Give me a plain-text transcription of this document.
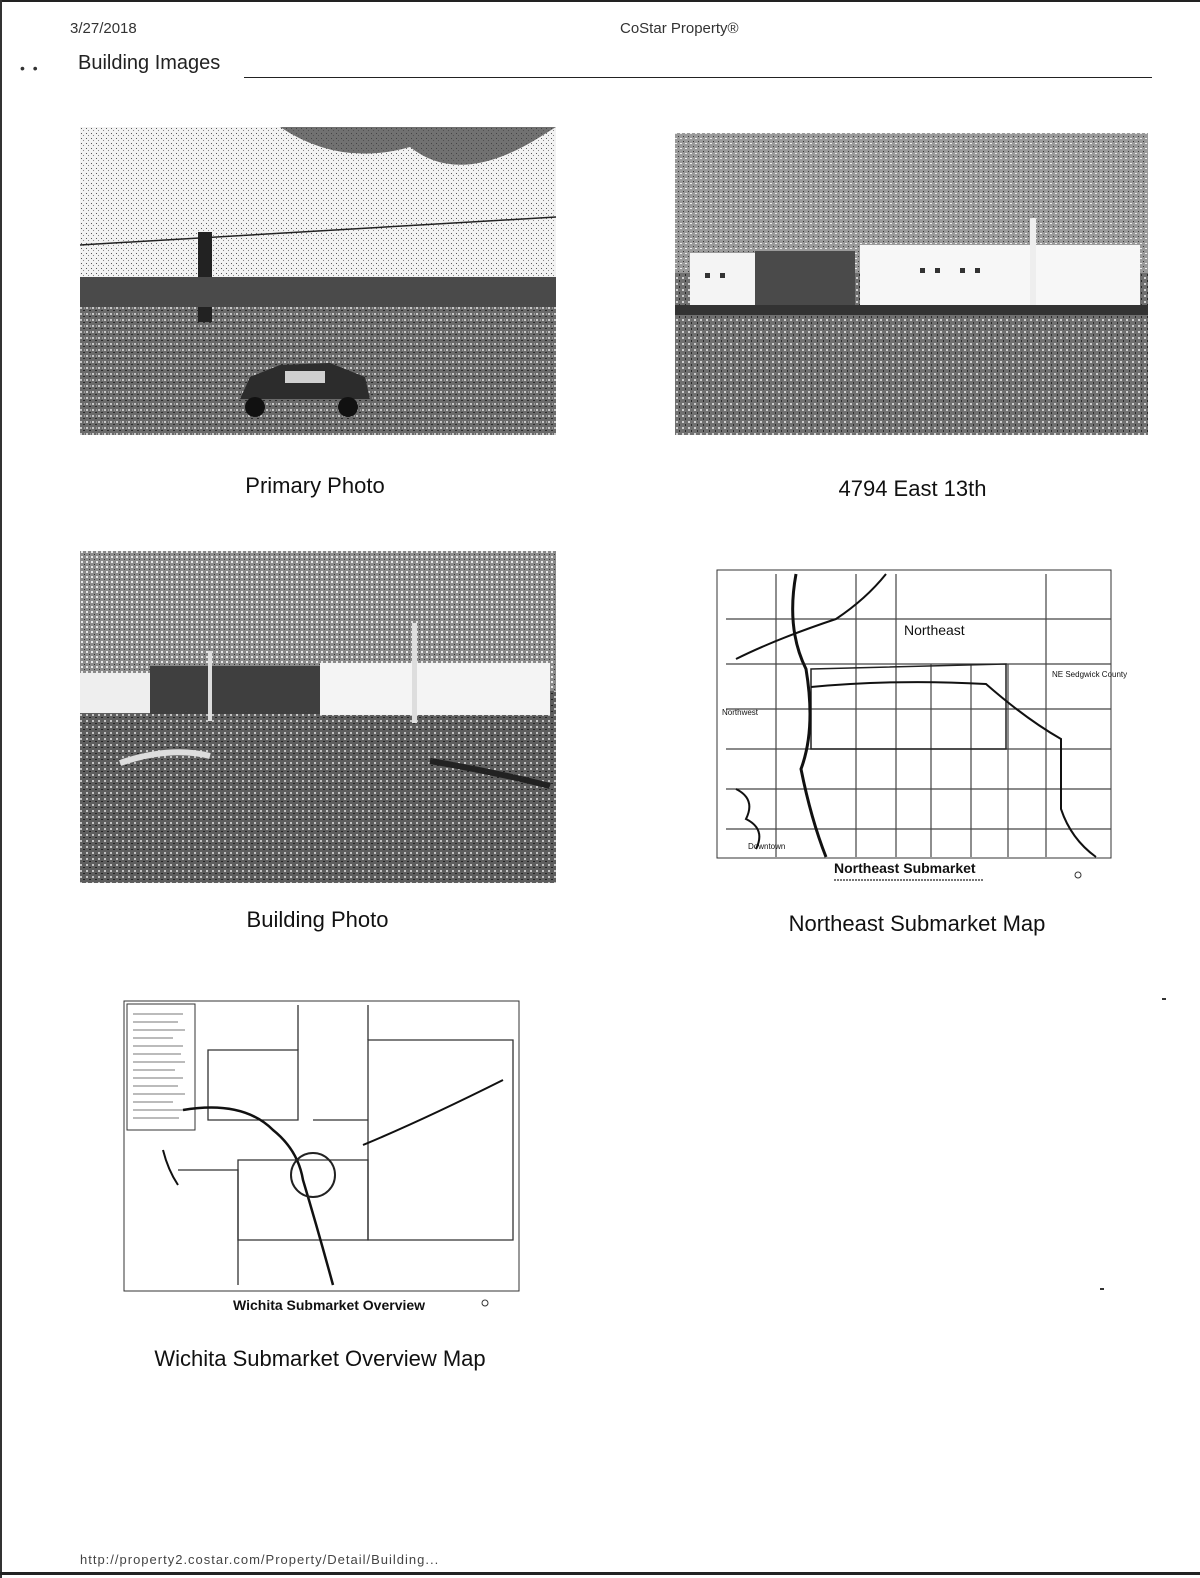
3/27/2018	CoStar Property®
• • Building Images
Primary Photo	4794 East 13th
Building Photo
Northeast
NE Sedgwick County
Northwest
Downtown
Northeast Submarket
Northeast Submarket Map
Wichita Submarket Overview
Wichita Submarket Overview Map
http://property2.costar.com/Property/Detail/Building...
